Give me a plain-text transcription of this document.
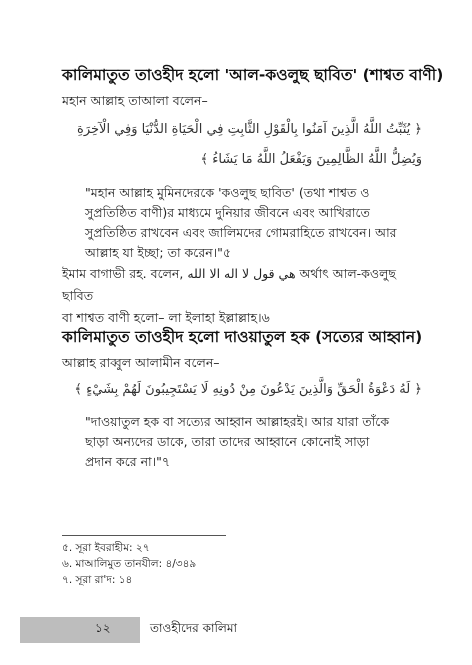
কালিমাতুত তাওহীদ হলো 'আল-কওলুছ ছাবিত' (শাশ্বত বাণী)
মহান আল্লাহ তাআলা বলেন–
﴿ يُثَبِّتُ اللَّهُ الَّذِينَ آمَنُوا بِالْقَوْلِ الثَّابِتِ فِي الْحَيَاةِ الدُّنْيَا وَفِي الْآخِرَةِ
وَيُضِلُّ اللَّهُ الظَّالِمِينَ وَيَفْعَلُ اللَّهُ مَا يَشَاءُ ﴾
"মহান আল্লাহ মুমিনদেরকে 'কওলুছ ছাবিত' (তথা শাশ্বত ও
সুপ্রতিষ্ঠিত বাণী)র মাধ্যমে দুনিয়ার জীবনে এবং আখিরাতে
সুপ্রতিষ্ঠিত রাখবেন এবং জালিমদের গোমরাহিতে রাখবেন। আর
আল্লাহ যা ইচ্ছা; তা করেন।"৫
ইমাম বাগাভী রহ. বলেন, هي قول لا اله الا الله অর্থাৎ আল-কওলুছ ছাবিত
বা শাশ্বত বাণী হলো– লা ইলাহা ইল্লাল্লাহ।৬
কালিমাতুত তাওহীদ হলো দাওয়াতুল হক (সত্যের আহ্বান)
আল্লাহ রাব্বুল আলামীন বলেন–
﴿ لَهُ دَعْوَةُ الْحَقِّ وَالَّذِينَ يَدْعُونَ مِنْ دُونِهِ لَا يَسْتَجِيبُونَ لَهُمْ بِشَيْءٍ ﴾
"দাওয়াতুল হক বা সত্যের আহ্বান আল্লাহরই। আর যারা তাঁকে
ছাড়া অন্যদের ডাকে, তারা তাদের আহ্বানে কোনোই সাড়া
প্রদান করে না।"৭
৫. সূরা ইবরাহীম: ২৭
৬. মাআলিমুত তানযীল: ৪/৩৪৯
৭. সূরা রা'দ: ১৪
১২	তাওহীদের কালিমা
